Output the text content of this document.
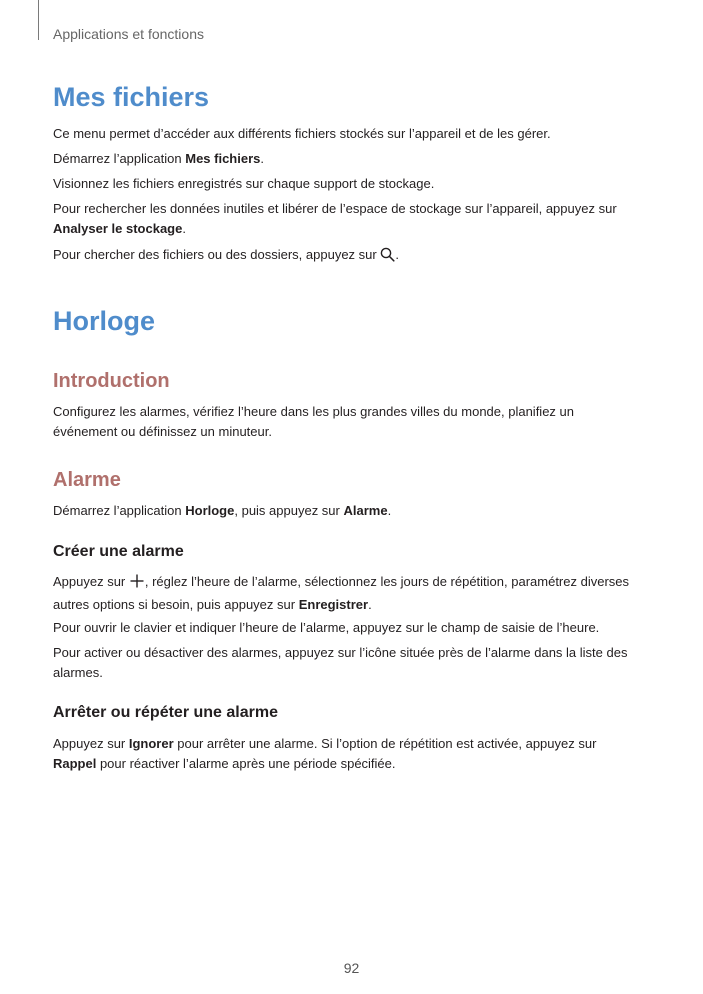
Applications et fonctions
Mes fichiers
Ce menu permet d’accéder aux différents fichiers stockés sur l’appareil et de les gérer.
Démarrez l’application Mes fichiers.
Visionnez les fichiers enregistrés sur chaque support de stockage.
Pour rechercher les données inutiles et libérer de l’espace de stockage sur l’appareil, appuyez sur Analyser le stockage.
Pour chercher des fichiers ou des dossiers, appuyez sur .
Horloge
Introduction
Configurez les alarmes, vérifiez l’heure dans les plus grandes villes du monde, planifiez un événement ou définissez un minuteur.
Alarme
Démarrez l’application Horloge, puis appuyez sur Alarme.
Créer une alarme
Appuyez sur , réglez l’heure de l’alarme, sélectionnez les jours de répétition, paramétrez diverses autres options si besoin, puis appuyez sur Enregistrer.
Pour ouvrir le clavier et indiquer l’heure de l’alarme, appuyez sur le champ de saisie de l’heure.
Pour activer ou désactiver des alarmes, appuyez sur l’icône située près de l’alarme dans la liste des alarmes.
Arrêter ou répéter une alarme
Appuyez sur Ignorer pour arrêter une alarme. Si l’option de répétition est activée, appuyez sur Rappel pour réactiver l’alarme après une période spécifiée.
92
